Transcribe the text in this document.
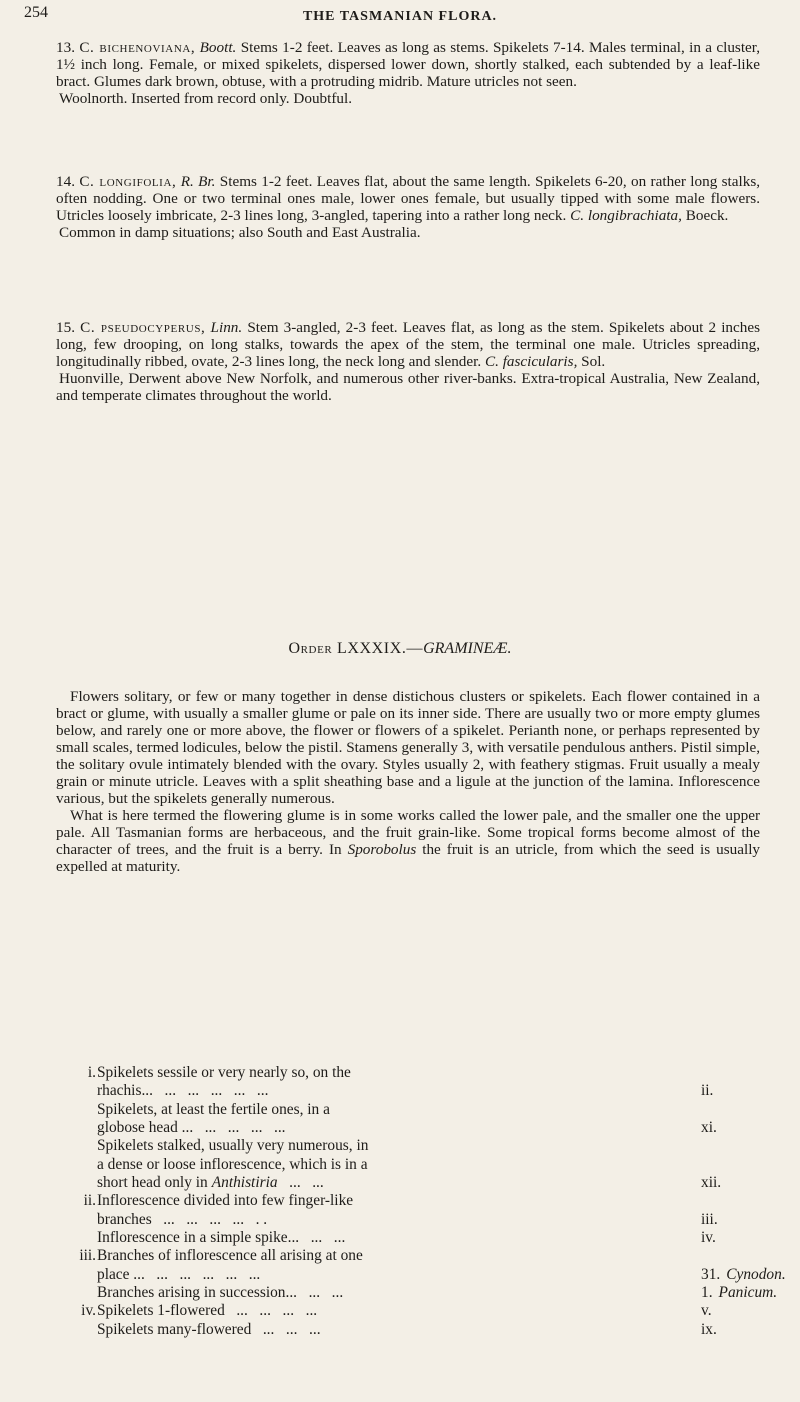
254	THE TASMANIAN FLORA.

13. C. bichenoviana, Boott. Stems 1-2 feet. Leaves as long as stems. Spikelets 7-14. Males terminal, in a cluster, 1½ inch long. Female, or mixed spikelets, dispersed lower down, shortly stalked, each subtended by a leaf-like bract. Glumes dark brown, obtuse, with a protruding midrib. Mature utricles not seen.

Woolnorth. Inserted from record only. Doubtful.

14. C. longifolia, R. Br. Stems 1-2 feet. Leaves flat, about the same length. Spikelets 6-20, on rather long stalks, often nodding. One or two terminal ones male, lower ones female, but usually tipped with some male flowers. Utricles loosely imbricate, 2-3 lines long, 3-angled, tapering into a rather long neck. C. longibrachiata, Boeck.

Common in damp situations; also South and East Australia.

15. C. pseudocyperus, Linn. Stem 3-angled, 2-3 feet. Leaves flat, as long as the stem. Spikelets about 2 inches long, few drooping, on long stalks, towards the apex of the stem, the terminal one male. Utricles spreading, longitudinally ribbed, ovate, 2-3 lines long, the neck long and slender. C. fascicularis, Sol.

Huonville, Derwent above New Norfolk, and numerous other river-banks. Extra-tropical Australia, New Zealand, and temperate climates throughout the world.

Order LXXXIX.—GRAMINEÆ.

Flowers solitary, or few or many together in dense distichous clusters or spikelets. Each flower contained in a bract or glume, with usually a smaller glume or pale on its inner side. There are usually two or more empty glumes below, and rarely one or more above, the flower or flowers of a spikelet. Perianth none, or perhaps represented by small scales, termed lodicules, below the pistil. Stamens generally 3, with versatile pendulous anthers. Pistil simple, the solitary ovule intimately blended with the ovary. Styles usually 2, with feathery stigmas. Fruit usually a mealy grain or minute utricle. Leaves with a split sheathing base and a ligule at the junction of the lamina. Inflorescence various, but the spikelets generally numerous.

What is here termed the flowering glume is in some works called the lower pale, and the smaller one the upper pale. All Tasmanian forms are herbaceous, and the fruit grain-like. Some tropical forms become almost of the character of trees, and the fruit is a berry. In Sporobolus the fruit is an utricle, from which the seed is usually expelled at maturity.

i. Spikelets sessile or very nearly so, on the
rhachis...   ...   ...   ...   ...   ...	ii.
Spikelets, at least the fertile ones, in a
globose head ...   ...   ...   ...   ...	xi.
Spikelets stalked, usually very numerous, in
a dense or loose inflorescence, which is in a
short head only in Anthistiria   ...   ...	xii.
ii. Inflorescence divided into few finger-like
branches   ...   ...   ...   ...   . .	iii.
Inflorescence in a simple spike...   ...   ...	iv.
iii. Branches of inflorescence all arising at one
place ...   ...   ...   ...   ...   ...	31. Cynodon.
Branches arising in succession...   ...   ...	1. Panicum.
iv. Spikelets 1-flowered   ...   ...   ...   ...	v.
Spikelets many-flowered   ...   ...   ...	ix.
